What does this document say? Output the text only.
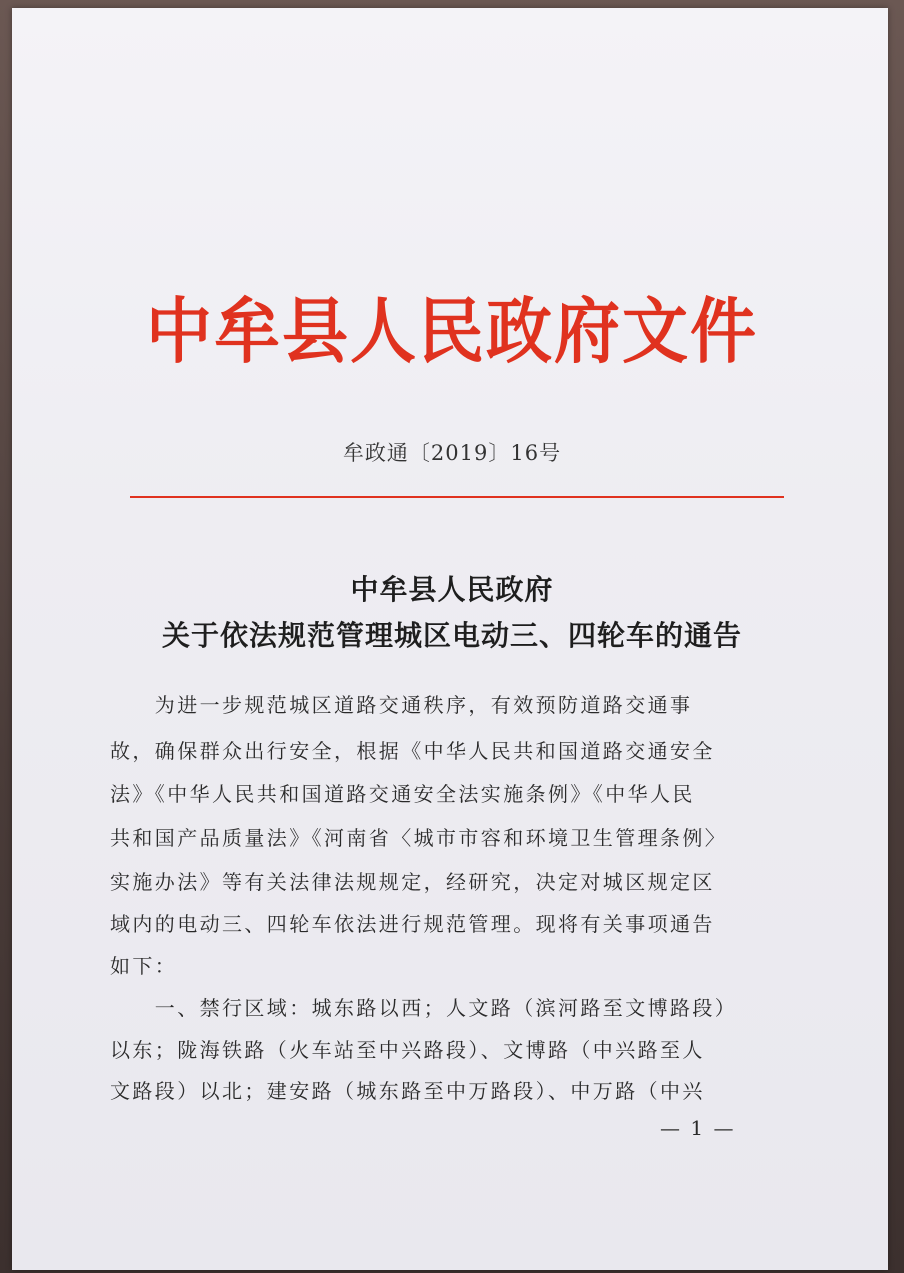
中牟县人民政府文件
牟政通〔2019〕16号
中牟县人民政府
关于依法规范管理城区电动三、四轮车的通告
　　为进一步规范城区道路交通秩序，有效预防道路交通事
故，确保群众出行安全，根据《中华人民共和国道路交通安全
法》《中华人民共和国道路交通安全法实施条例》《中华人民
共和国产品质量法》《河南省〈城市市容和环境卫生管理条例〉
实施办法》等有关法律法规规定，经研究，决定对城区规定区
域内的电动三、四轮车依法进行规范管理。现将有关事项通告
如下：
　　一、禁行区域：城东路以西；人文路（滨河路至文博路段）
以东；陇海铁路（火车站至中兴路段）、文博路（中兴路至人
文路段）以北；建安路（城东路至中万路段）、中万路（中兴
— 1 —
